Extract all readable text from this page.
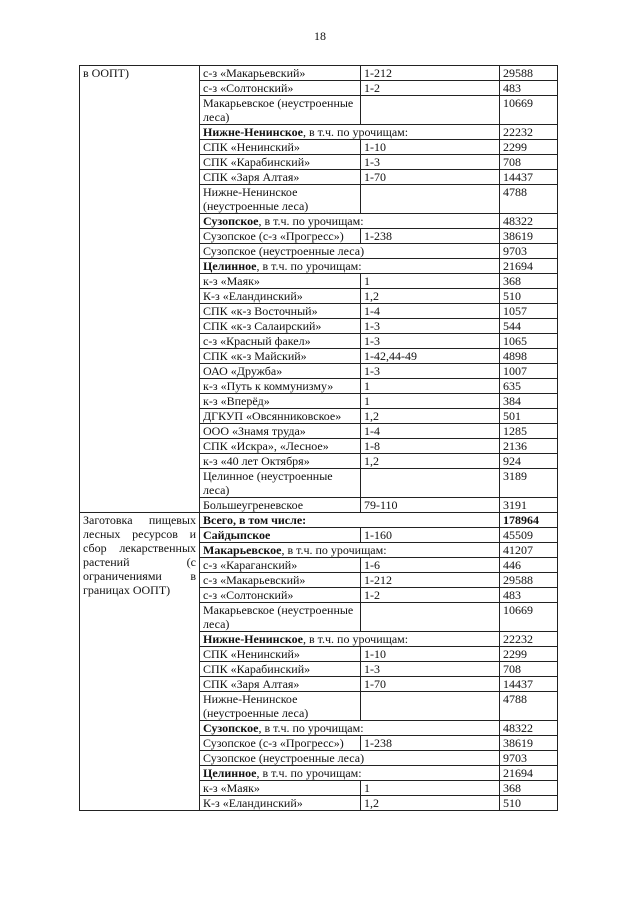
18
в ООПТ)	с-з «Макарьевский»	1-212	29588
	с-з «Солтонский»	1-2	483
	Макарьевское (неустроенные леса)		10669
	Нижне-Ненинское, в т.ч. по урочищам:		22232
	СПК «Ненинский»	1-10	2299
	СПК «Карабинский»	1-3	708
	СПК «Заря Алтая»	1-70	14437
	Нижне-Ненинское (неустроенные леса)		4788
	Сузопское, в т.ч. по урочищам:		48322
	Сузопское (с-з «Прогресс»)	1-238	38619
	Сузопское (неустроенные леса)		9703
	Целинное, в т.ч. по урочищам:		21694
	к-з «Маяк»	1	368
	К-з «Еландинский»	1,2	510
	СПК «к-з Восточный»	1-4	1057
	СПК «к-з Салаирский»	1-3	544
	с-з «Красный факел»	1-3	1065
	СПК «к-з Майский»	1-42,44-49	4898
	ОАО «Дружба»	1-3	1007
	к-з «Путь к коммунизму»	1	635
	к-з «Вперёд»	1	384
	ДГКУП «Овсянниковское»	1,2	501
	ООО «Знамя труда»	1-4	1285
	СПК «Искра», «Лесное»	1-8	2136
	к-з «40 лет Октября»	1,2	924
	Целинное (неустроенные леса)		3189
	Большеугреневское	79-110	3191
Заготовка пищевых лесных ресурсов и сбор лекарственных растений (с ограничениями в границах ООПТ)	Всего, в том числе:		178964
	Сайдыпское	1-160	45509
	Макарьевское, в т.ч. по урочищам:		41207
	с-з «Караганский»	1-6	446
	с-з «Макарьевский»	1-212	29588
	с-з «Солтонский»	1-2	483
	Макарьевское (неустроенные леса)		10669
	Нижне-Ненинское, в т.ч. по урочищам:		22232
	СПК «Ненинский»	1-10	2299
	СПК «Карабинский»	1-3	708
	СПК «Заря Алтая»	1-70	14437
	Нижне-Ненинское (неустроенные леса)		4788
	Сузопское, в т.ч. по урочищам:		48322
	Сузопское (с-з «Прогресс»)	1-238	38619
	Сузопское (неустроенные леса)		9703
	Целинное, в т.ч. по урочищам:		21694
	к-з «Маяк»	1	368
	К-з «Еландинский»	1,2	510
